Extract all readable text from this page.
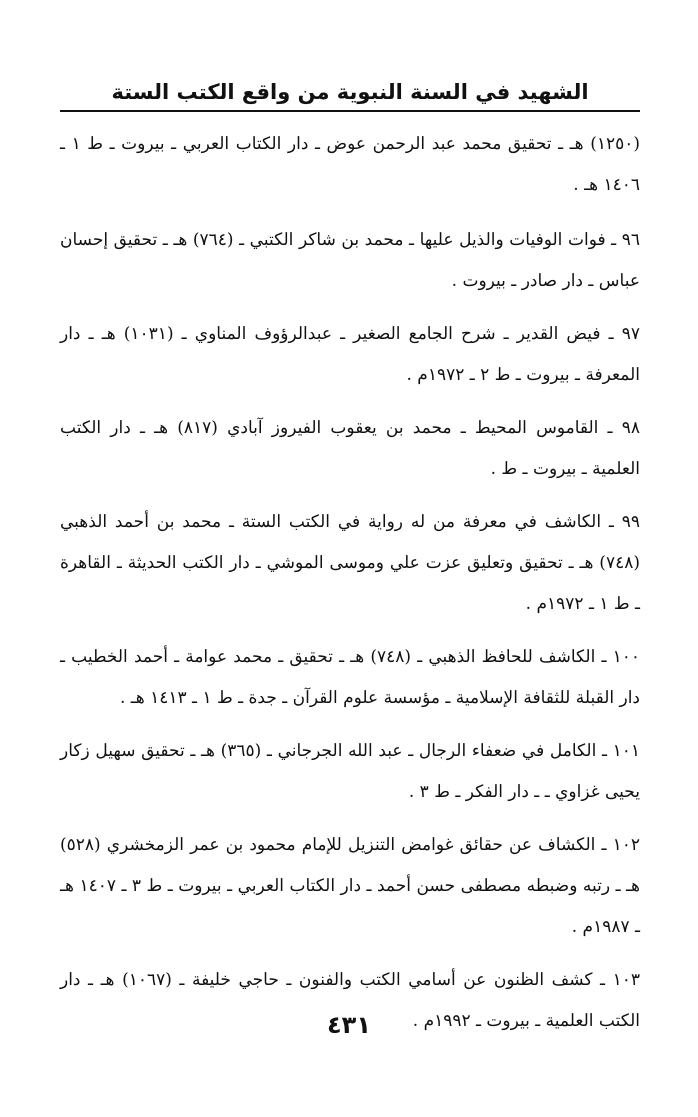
الشهيد في السنة النبوية من واقع الكتب الستة

(١٢٥٠) هـ ـ تحقيق محمد عبد الرحمن عوض ـ دار الكتاب العربي ـ بيروت ـ ط ١ ـ ١٤٠٦ هـ .

٩٦ ـ فوات الوفيات والذيل عليها ـ محمد بن شاكر الكتبي ـ (٧٦٤) هـ ـ تحقيق إحسان عباس ـ دار صادر ـ بيروت .

٩٧ ـ فيض القدير ـ شرح الجامع الصغير ـ عبدالرؤوف المناوي ـ (١٠٣١) هـ ـ دار المعرفة ـ بيروت ـ ط ٢ ـ ١٩٧٢م .

٩٨ ـ القاموس المحيط ـ محمد بن يعقوب الفيروز آبادي (٨١٧) هـ ـ دار الكتب العلمية ـ بيروت ـ ط .

٩٩ ـ الكاشف في معرفة من له رواية في الكتب الستة ـ محمد بن أحمد الذهبي (٧٤٨) هـ ـ تحقيق وتعليق عزت علي وموسى الموشي ـ دار الكتب الحديثة ـ القاهرة ـ ط ١ ـ ١٩٧٢م .

١٠٠ ـ الكاشف للحافظ الذهبي ـ (٧٤٨) هـ ـ تحقيق ـ محمد عوامة ـ أحمد الخطيب ـ دار القبلة للثقافة الإسلامية ـ مؤسسة علوم القرآن ـ جدة ـ ط ١ ـ ١٤١٣ هـ .

١٠١ ـ الكامل في ضعفاء الرجال ـ عبد الله الجرجاني ـ (٣٦٥) هـ ـ تحقيق سهيل زكار يحيى غزاوي ـ ـ دار الفكر ـ ط ٣ .

١٠٢ ـ الكشاف عن حقائق غوامض التنزيل للإمام محمود بن عمر الزمخشري (٥٢٨) هـ ـ رتبه وضبطه مصطفى حسن أحمد ـ دار الكتاب العربي ـ بيروت ـ ط ٣ ـ ١٤٠٧ هـ ـ ١٩٨٧م .

١٠٣ ـ كشف الظنون عن أسامي الكتب والفنون ـ حاجي خليفة ـ (١٠٦٧) هـ ـ دار الكتب العلمية ـ بيروت ـ ١٩٩٢م .

٤٣١
